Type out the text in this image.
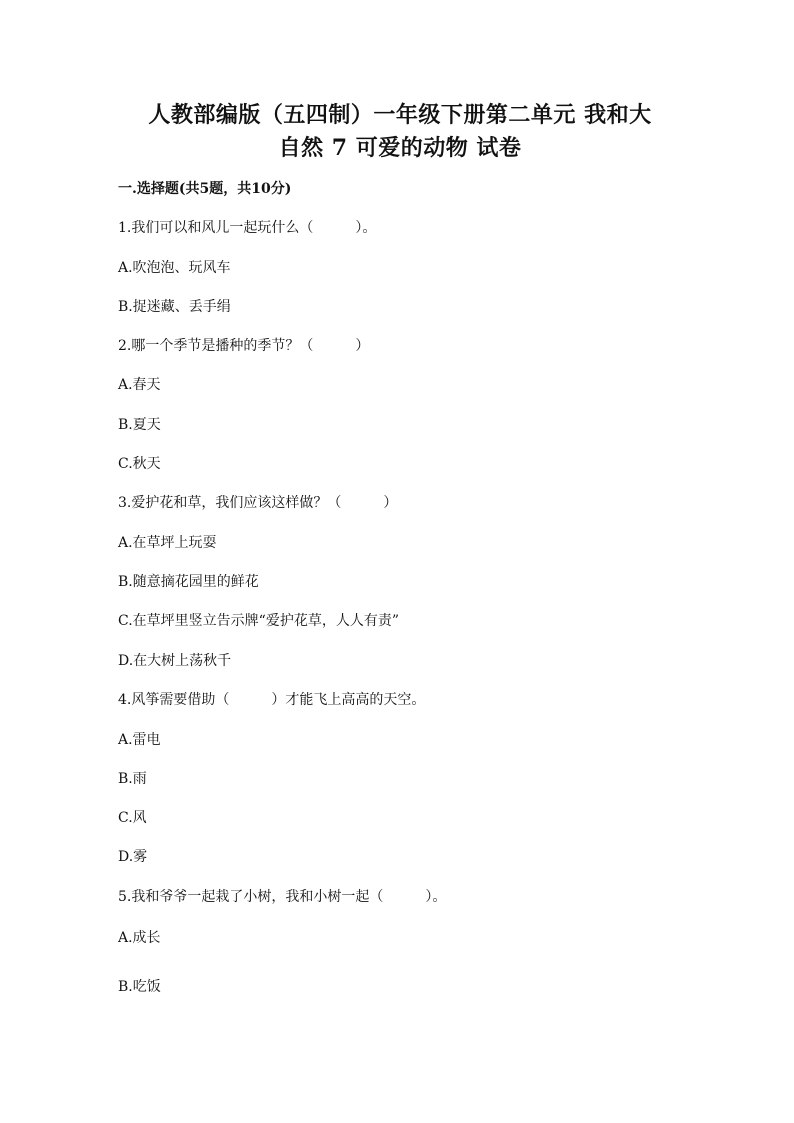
人教部编版（五四制）一年级下册第二单元 我和大
自然 7 可爱的动物 试卷
一.选择题(共5题，共10分)
1.我们可以和风儿一起玩什么（　　　）。
A.吹泡泡、玩风车
B.捉迷藏、丢手绢
2.哪一个季节是播种的季节？（　　　）
A.春天
B.夏天
C.秋天
3.爱护花和草，我们应该这样做？（　　　）
A.在草坪上玩耍
B.随意摘花园里的鲜花
C.在草坪里竖立告示牌“爱护花草，人人有责”
D.在大树上荡秋千
4.风筝需要借助（　　　）才能飞上高高的天空。
A.雷电
B.雨
C.风
D.雾
5.我和爷爷一起栽了小树，我和小树一起（　　　）。
A.成长
B.吃饭
